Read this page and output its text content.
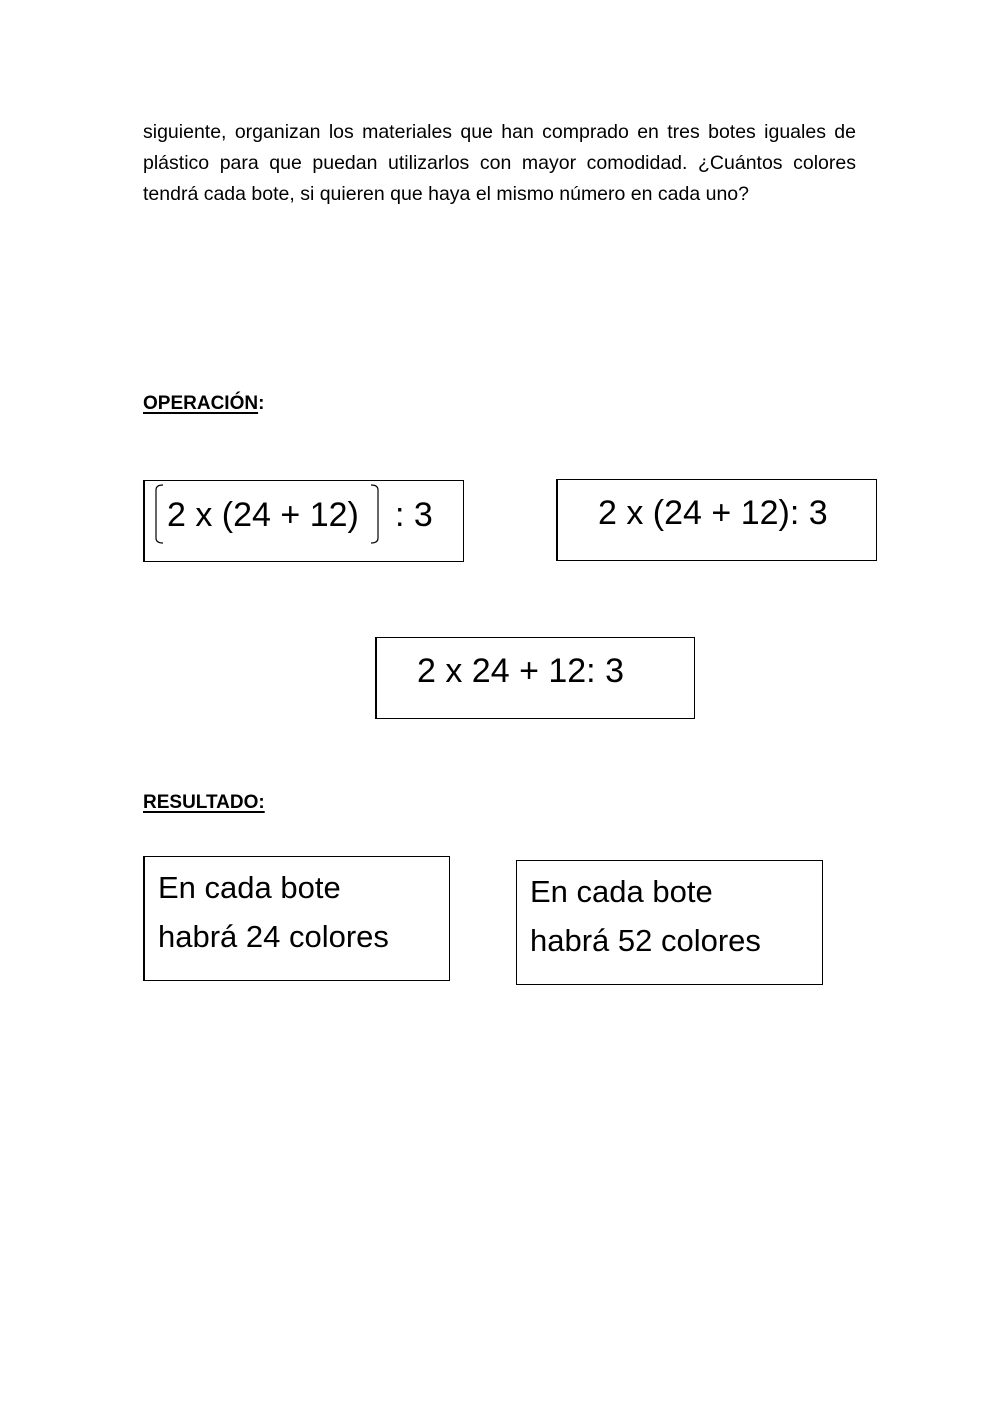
siguiente, organizan los materiales que han comprado en tres botes iguales de plástico para que puedan utilizarlos con mayor comodidad. ¿Cuántos colores tendrá cada bote, si quieren que haya el mismo número en cada uno?

OPERACIÓN:
2 x (24 + 12) : 3	2 x (24 + 12): 3
2 x 24 + 12: 3
RESULTADO:
En cada bote
habrá 24 colores
En cada bote
habrá 52 colores
